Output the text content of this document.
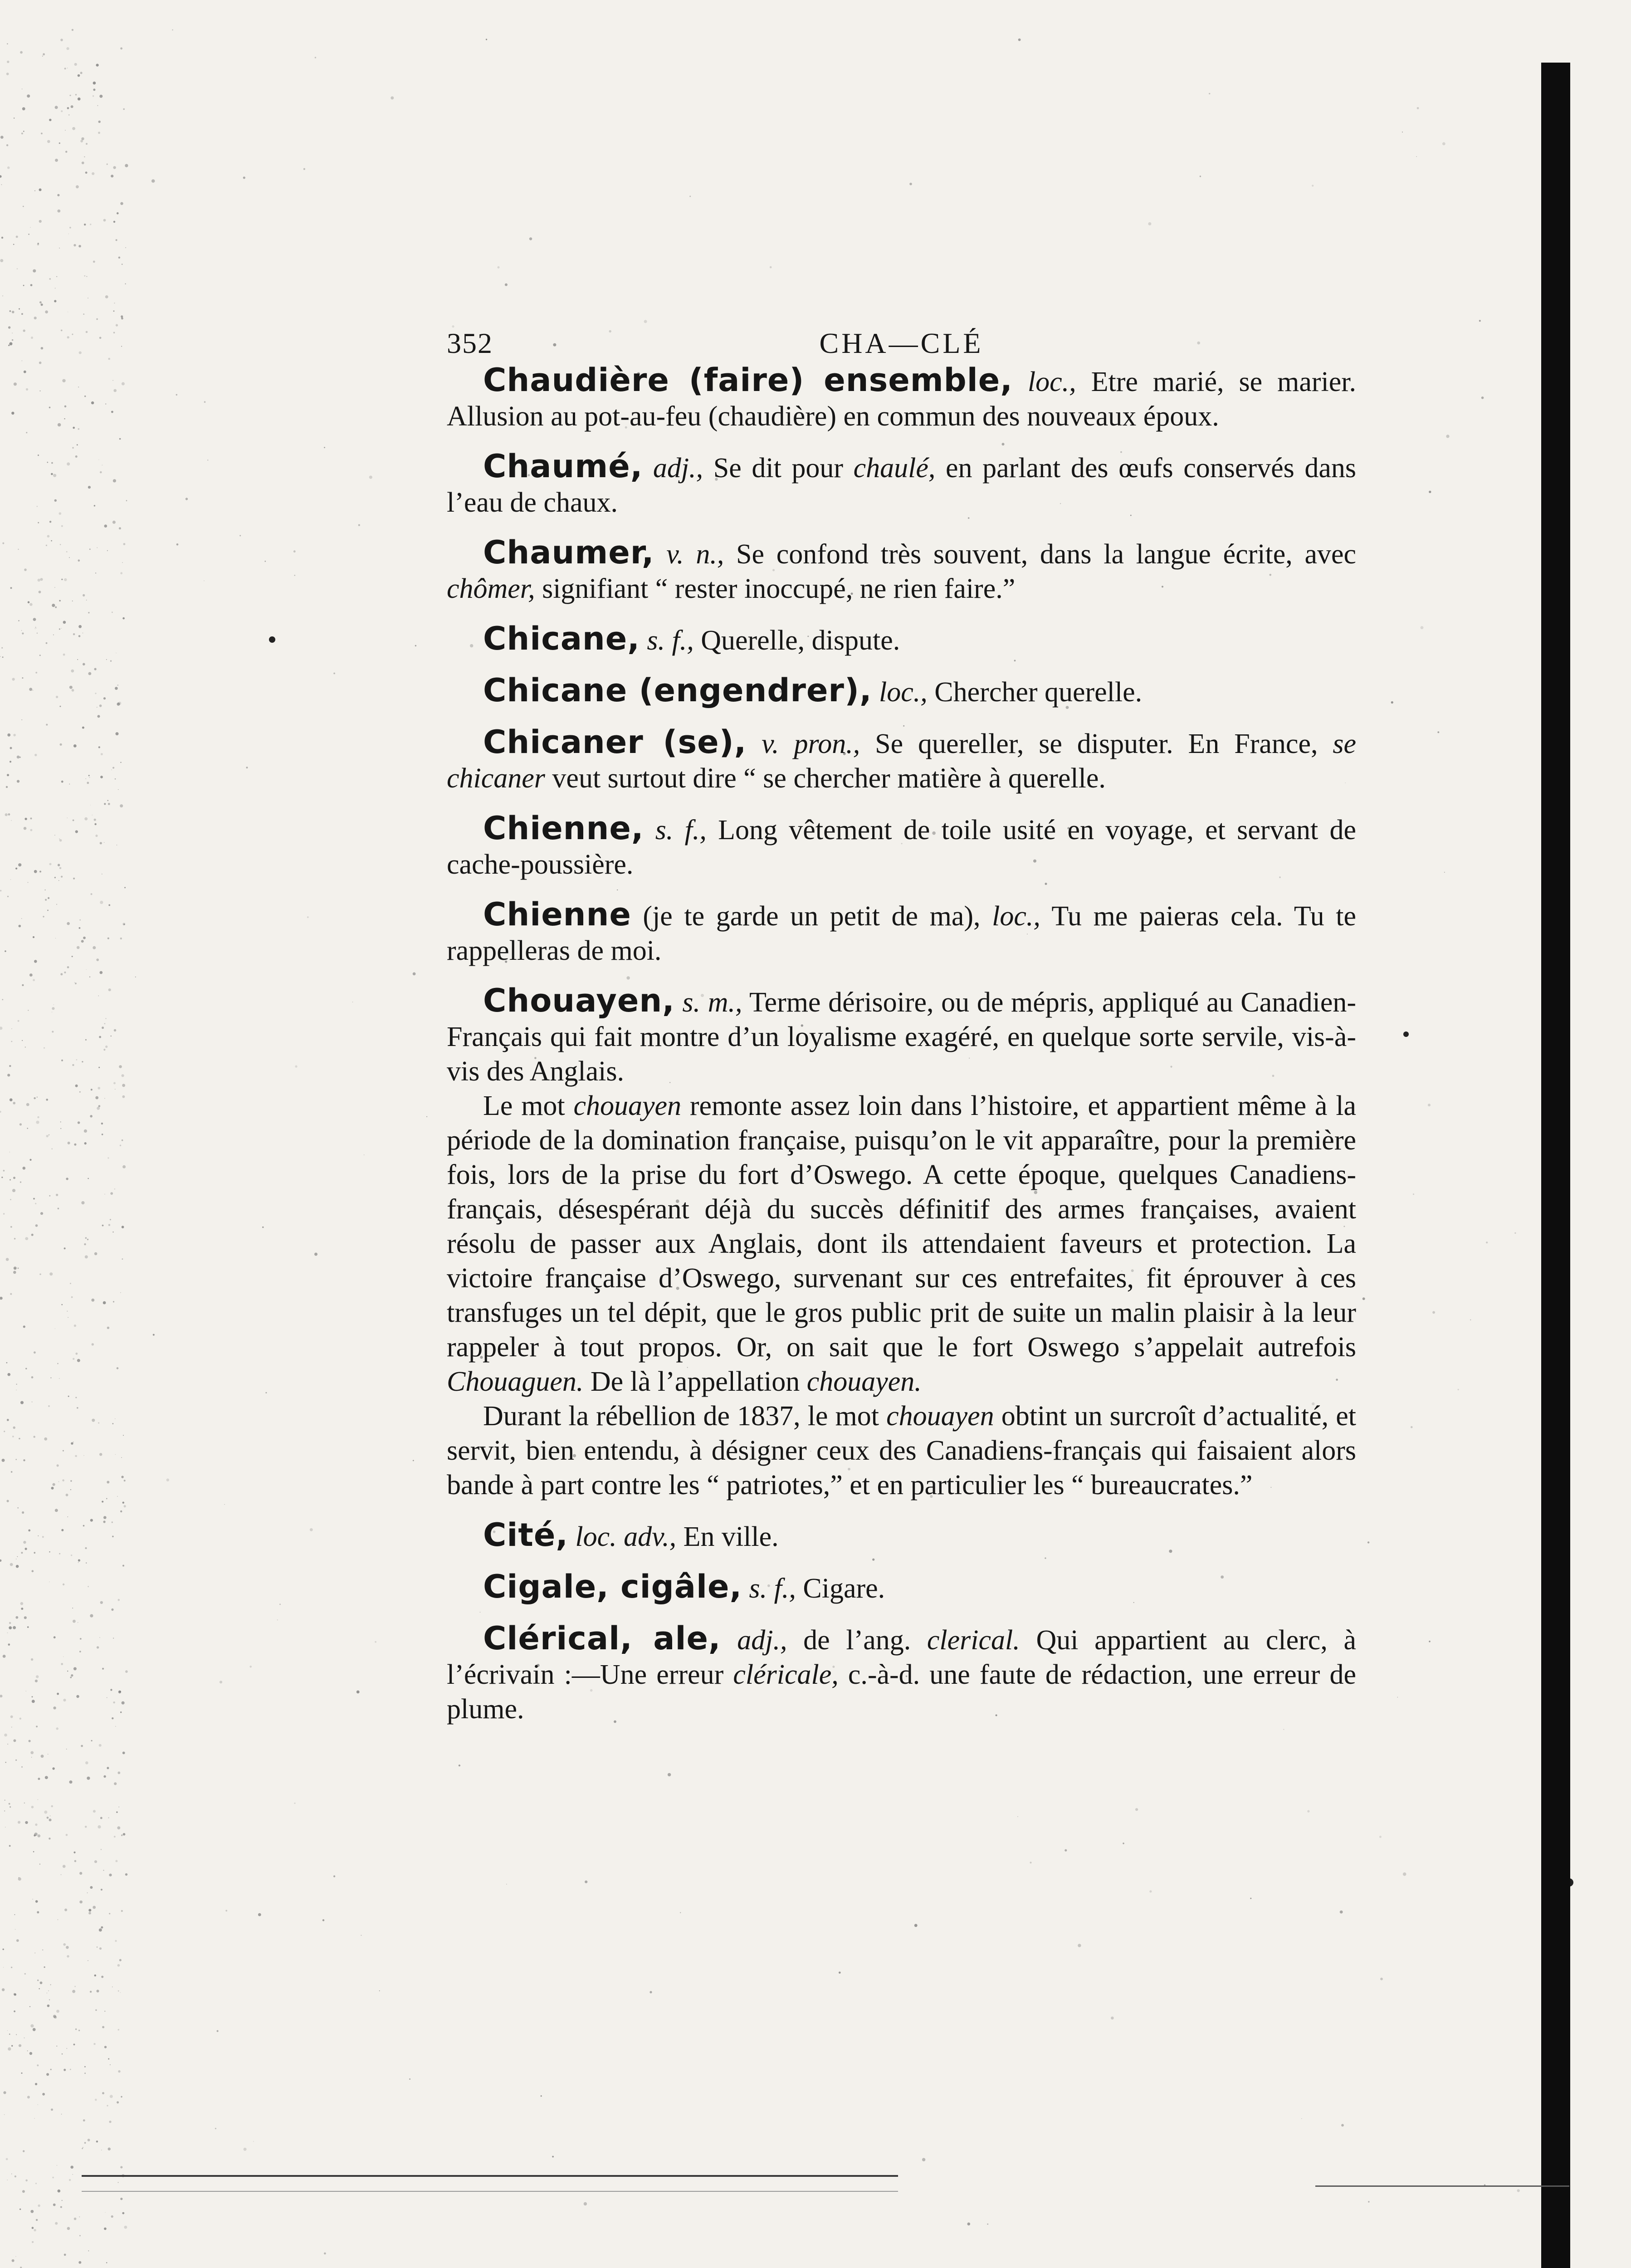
352	CHA—CLÉ

Chaudière (faire) ensemble, loc., Etre marié, se marier. Allusion au pot-au-feu (chaudière) en commun des nouveaux époux.

Chaumé, adj., Se dit pour chaulé, en parlant des œufs conservés dans l’eau de chaux.

Chaumer, v. n., Se confond très souvent, dans la langue écrite, avec chômer, signifiant “ rester inoccupé, ne rien faire.”

Chicane, s. f., Querelle, dispute.

Chicane (engendrer), loc., Chercher querelle.

Chicaner (se), v. pron., Se quereller, se disputer. En France, se chicaner veut surtout dire “ se chercher matière à querelle.

Chienne, s. f., Long vêtement de toile usité en voyage, et servant de cache-poussière.

Chienne (je te garde un petit de ma), loc., Tu me paieras cela. Tu te rappelleras de moi.

Chouayen, s. m., Terme dérisoire, ou de mépris, appliqué au Canadien-Français qui fait montre d’un loyalisme exagéré, en quelque sorte servile, vis-à-vis des Anglais.

Le mot chouayen remonte assez loin dans l’histoire, et appartient même à la période de la domination française, puisqu’on le vit apparaître, pour la première fois, lors de la prise du fort d’Oswego. A cette époque, quelques Canadiens-français, désespérant déjà du succès définitif des armes françaises, avaient résolu de passer aux Anglais, dont ils attendaient faveurs et protection. La victoire française d’Oswego, survenant sur ces entrefaites, fit éprouver à ces transfuges un tel dépit, que le gros public prit de suite un malin plaisir à la leur rappeler à tout propos. Or, on sait que le fort Oswego s’appelait autrefois Chouaguen. De là l’appellation chouayen.

Durant la rébellion de 1837, le mot chouayen obtint un surcroît d’actualité, et servit, bien entendu, à désigner ceux des Canadiens-français qui faisaient alors bande à part contre les “ patriotes,” et en particulier les “ bureaucrates.”

Cité, loc. adv., En ville.

Cigale, cigâle, s. f., Cigare.

Clérical, ale, adj., de l’ang. clerical. Qui appartient au clerc, à l’écrivain :—Une erreur cléricale, c.-à-d. une faute de rédaction, une erreur de plume.
